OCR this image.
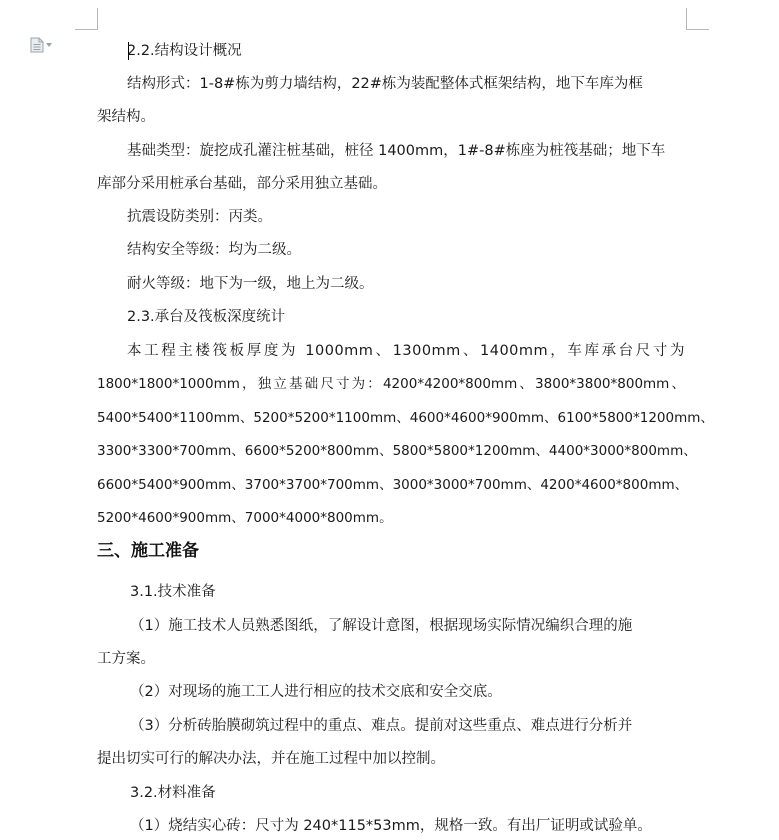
2.2.结构设计概况
结构形式：1-8#栋为剪力墙结构，22#栋为装配整体式框架结构，地下车库为框
架结构。
基础类型：旋挖成孔灌注桩基础，桩径 1400mm，1#-8#栋座为桩筏基础；地下车
库部分采用桩承台基础，部分采用独立基础。
抗震设防类别：丙类。
结构安全等级：均为二级。
耐火等级：地下为一级，地上为二级。
2.3.承台及筏板深度统计
本工程主楼筏板厚度为 1000mm、1300mm、1400mm，车库承台尺寸为
1800*1800*1000mm，独立基础尺寸为：4200*4200*800mm、3800*3800*800mm、
5400*5400*1100mm、5200*5200*1100mm、4600*4600*900mm、6100*5800*1200mm、
3300*3300*700mm、6600*5200*800mm、5800*5800*1200mm、4400*3000*800mm、
6600*5400*900mm、3700*3700*700mm、3000*3000*700mm、4200*4600*800mm、
5200*4600*900mm、7000*4000*800mm。
三、施工准备
3.1.技术准备
（1）施工技术人员熟悉图纸，了解设计意图，根据现场实际情况编织合理的施
工方案。
（2）对现场的施工工人进行相应的技术交底和安全交底。
（3）分析砖胎膜砌筑过程中的重点、难点。提前对这些重点、难点进行分析并
提出切实可行的解决办法，并在施工过程中加以控制。
3.2.材料准备
（1）烧结实心砖：尺寸为 240*115*53mm，规格一致。有出厂证明或试验单。
